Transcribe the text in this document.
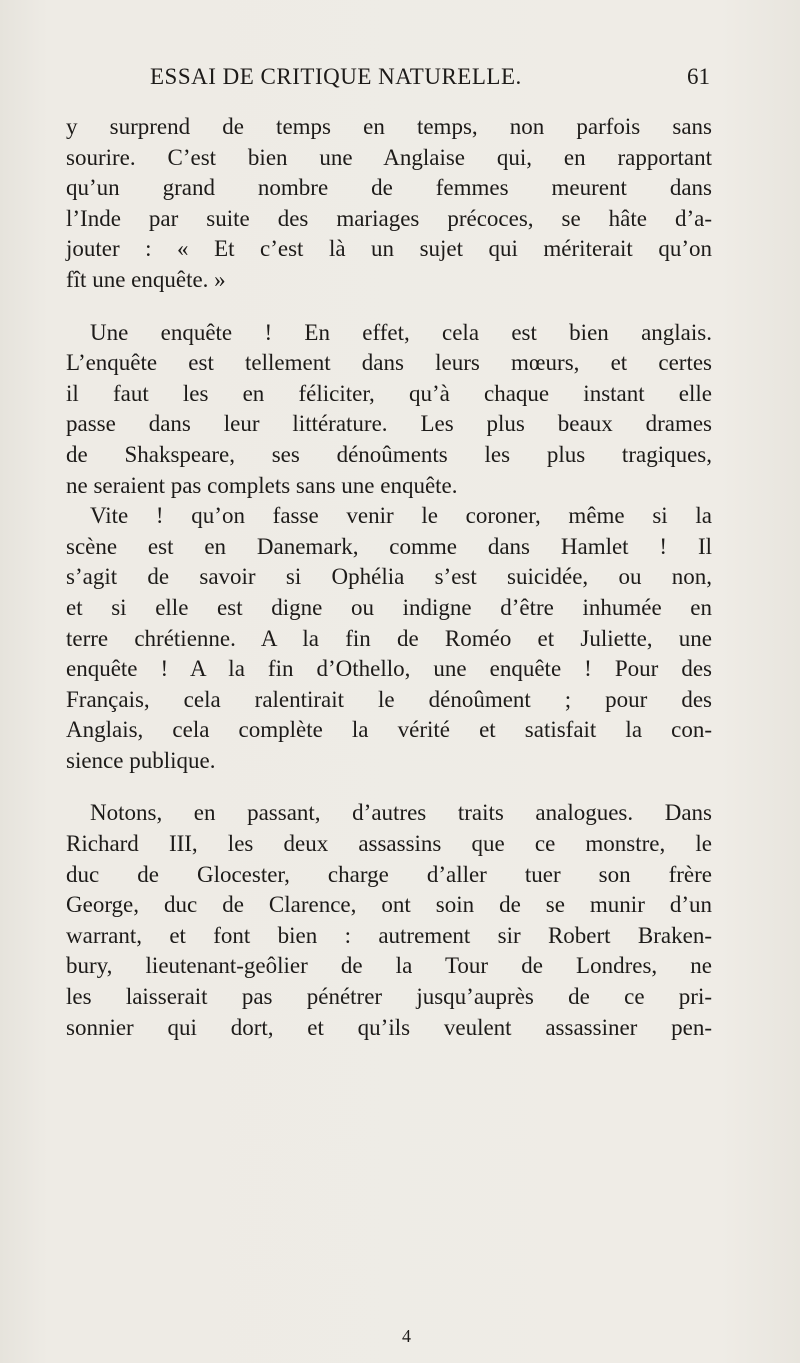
ESSAI DE CRITIQUE NATURELLE.	61
y surprend de temps en temps, non parfois sans
sourire. C’est bien une Anglaise qui, en rapportant
qu’un grand nombre de femmes meurent dans
l’Inde par suite des mariages précoces, se hâte d’a-
jouter : « Et c’est là un sujet qui mériterait qu’on
fît une enquête. »
Une enquête ! En effet, cela est bien anglais.
L’enquête est tellement dans leurs mœurs, et certes
il faut les en féliciter, qu’à chaque instant elle
passe dans leur littérature. Les plus beaux drames
de Shakspeare, ses dénoûments les plus tragiques,
ne seraient pas complets sans une enquête.
Vite ! qu’on fasse venir le coroner, même si la
scène est en Danemark, comme dans Hamlet ! Il
s’agit de savoir si Ophélia s’est suicidée, ou non,
et si elle est digne ou indigne d’être inhumée en
terre chrétienne. A la fin de Roméo et Juliette, une
enquête ! A la fin d’Othello, une enquête ! Pour des
Français, cela ralentirait le dénoûment ; pour des
Anglais, cela complète la vérité et satisfait la con-
sience publique.
Notons, en passant, d’autres traits analogues. Dans
Richard III, les deux assassins que ce monstre, le
duc de Glocester, charge d’aller tuer son frère
George, duc de Clarence, ont soin de se munir d’un
warrant, et font bien : autrement sir Robert Braken-
bury, lieutenant-geôlier de la Tour de Londres, ne
les laisserait pas pénétrer jusqu’auprès de ce pri-
sonnier qui dort, et qu’ils veulent assassiner pen-
4
